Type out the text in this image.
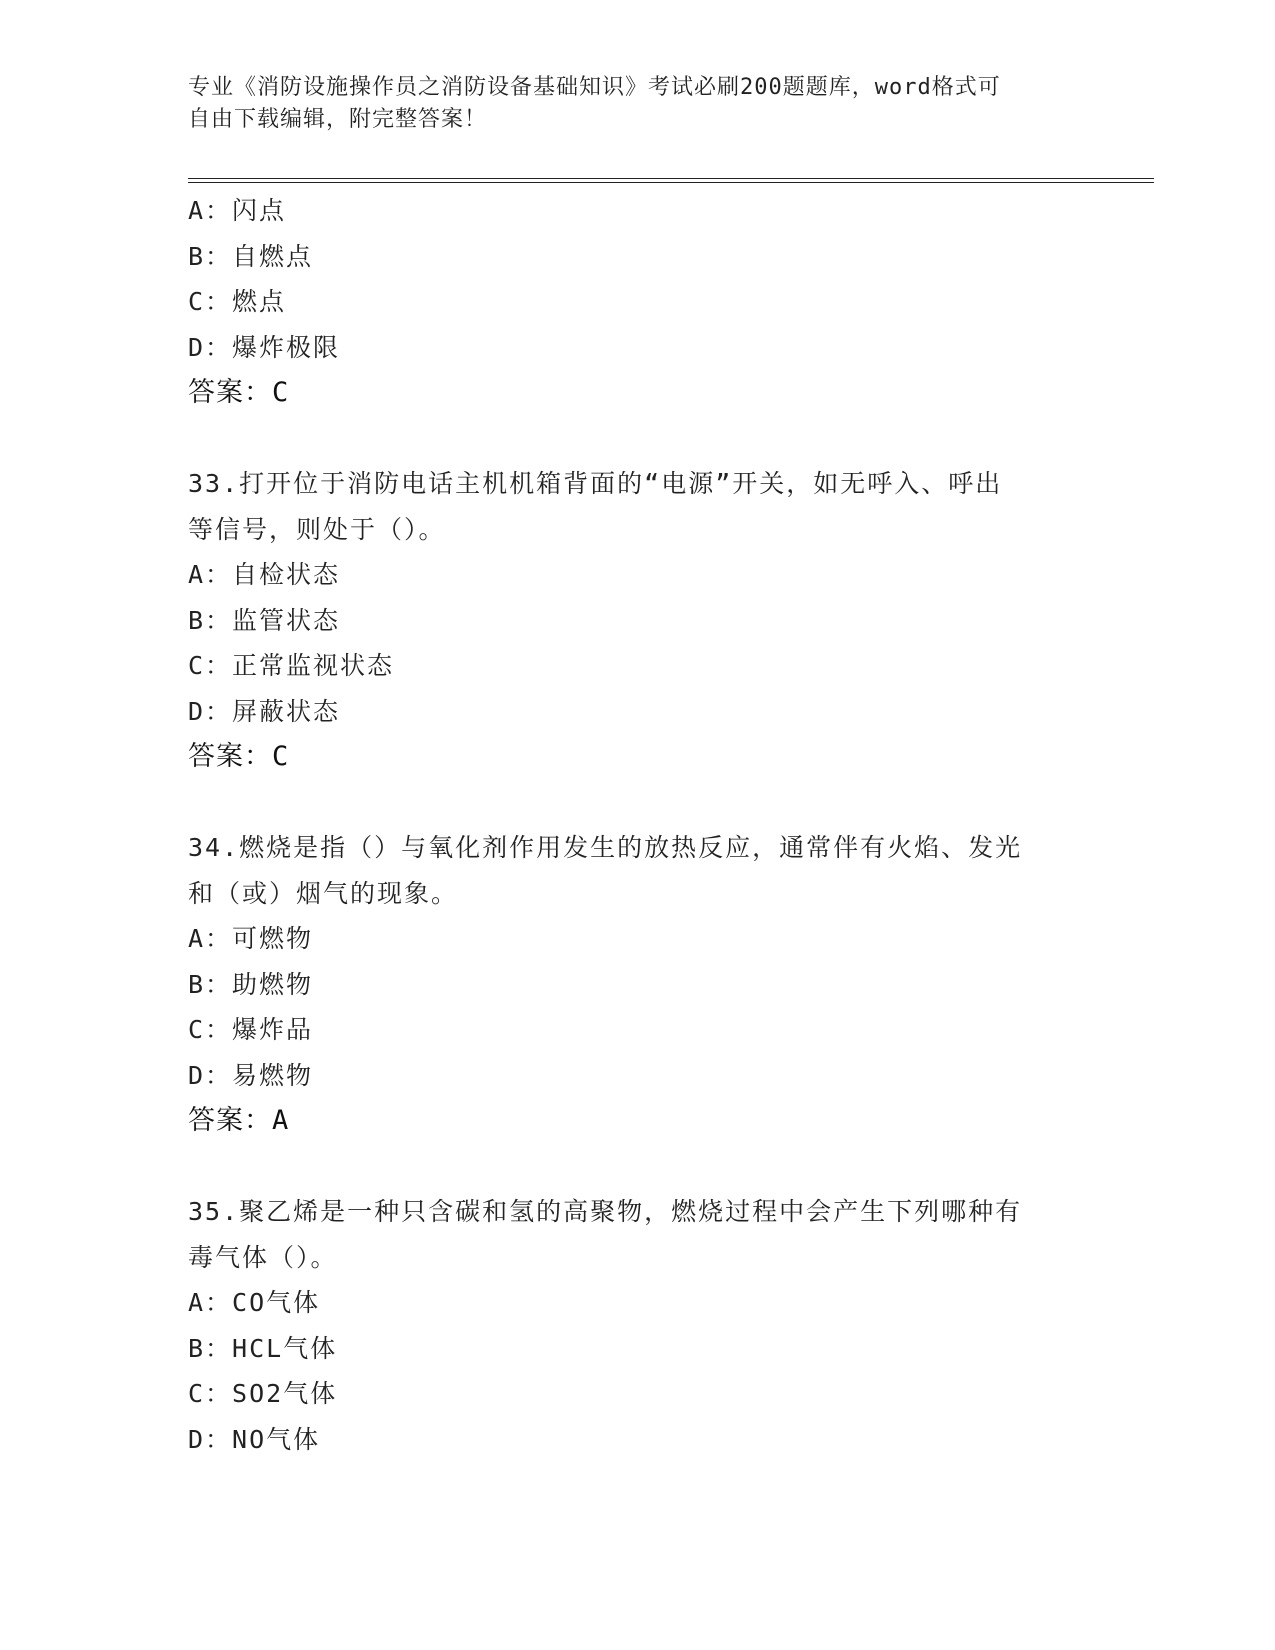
专业《消防设施操作员之消防设备基础知识》考试必刷200题题库，word格式可
自由下载编辑，附完整答案！
A：闪点
B：自燃点
C：燃点
D：爆炸极限
答案：C
33.打开位于消防电话主机机箱背面的“电源”开关，如无呼入、呼出
等信号，则处于（）。
A：自检状态
B：监管状态
C：正常监视状态
D：屏蔽状态
答案：C
34.燃烧是指（）与氧化剂作用发生的放热反应，通常伴有火焰、发光
和（或）烟气的现象。
A：可燃物
B：助燃物
C：爆炸品
D：易燃物
答案：A
35.聚乙烯是一种只含碳和氢的高聚物，燃烧过程中会产生下列哪种有
毒气体（）。
A：CO气体
B：HCL气体
C：SO2气体
D：NO气体
